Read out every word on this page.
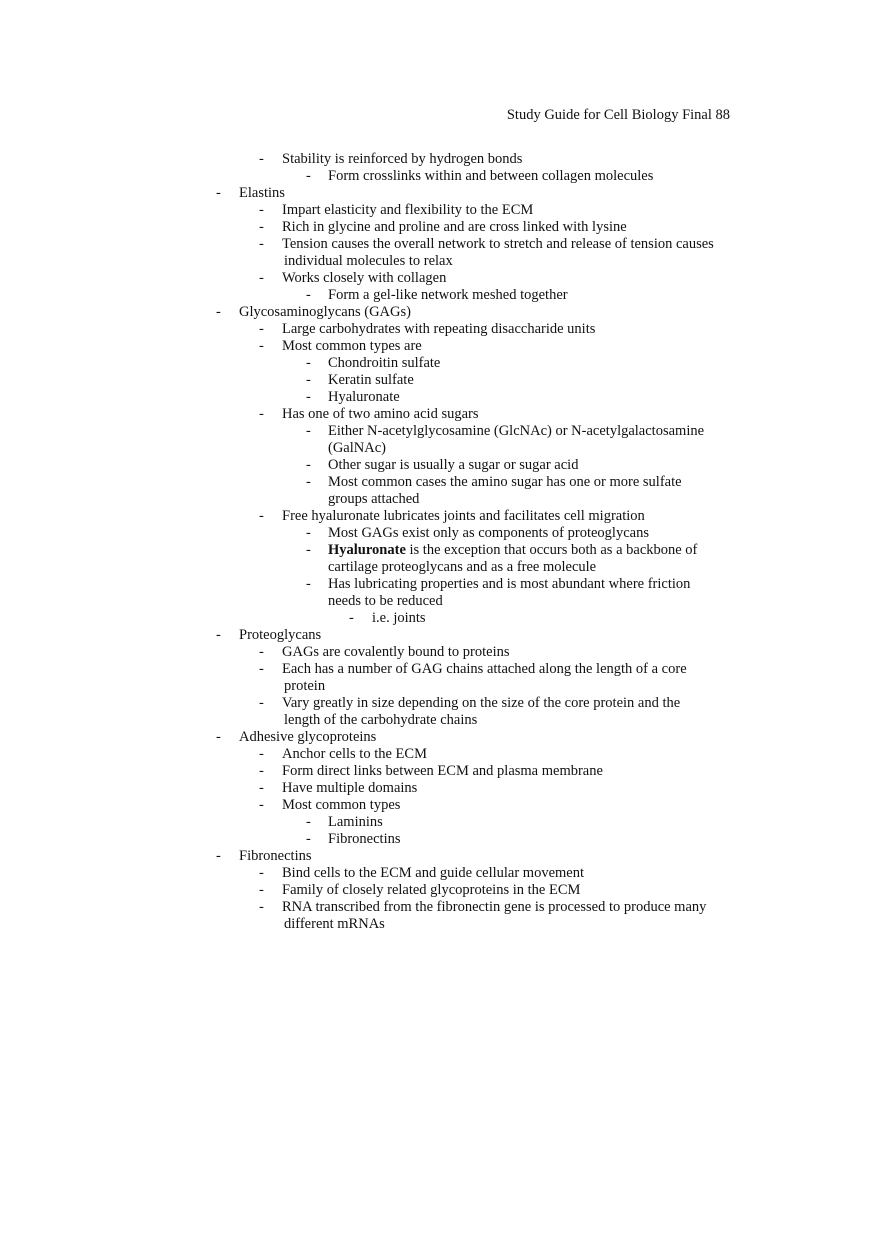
Study Guide for Cell Biology Final 88
- Stability is reinforced by hydrogen bonds
- Form crosslinks within and between collagen molecules
- Elastins
- Impart elasticity and flexibility to the ECM
- Rich in glycine and proline and are cross linked with lysine
- Tension causes the overall network to stretch and release of tension causes
individual molecules to relax
- Works closely with collagen
- Form a gel-like network meshed together
- Glycosaminoglycans (GAGs)
- Large carbohydrates with repeating disaccharide units
- Most common types are
- Chondroitin sulfate
- Keratin sulfate
- Hyaluronate
- Has one of two amino acid sugars
- Either N-acetylglycosamine (GlcNAc) or N-acetylgalactosamine
(GalNAc)
- Other sugar is usually a sugar or sugar acid
- Most common cases the amino sugar has one or more sulfate
groups attached
- Free hyaluronate lubricates joints and facilitates cell migration
- Most GAGs exist only as components of proteoglycans
- Hyaluronate is the exception that occurs both as a backbone of
cartilage proteoglycans and as a free molecule
- Has lubricating properties and is most abundant where friction
needs to be reduced
- i.e. joints
- Proteoglycans
- GAGs are covalently bound to proteins
- Each has a number of GAG chains attached along the length of a core
protein
- Vary greatly in size depending on the size of the core protein and the
length of the carbohydrate chains
- Adhesive glycoproteins
- Anchor cells to the ECM
- Form direct links between ECM and plasma membrane
- Have multiple domains
- Most common types
- Laminins
- Fibronectins
- Fibronectins
- Bind cells to the ECM and guide cellular movement
- Family of closely related glycoproteins in the ECM
- RNA transcribed from the fibronectin gene is processed to produce many
different mRNAs
